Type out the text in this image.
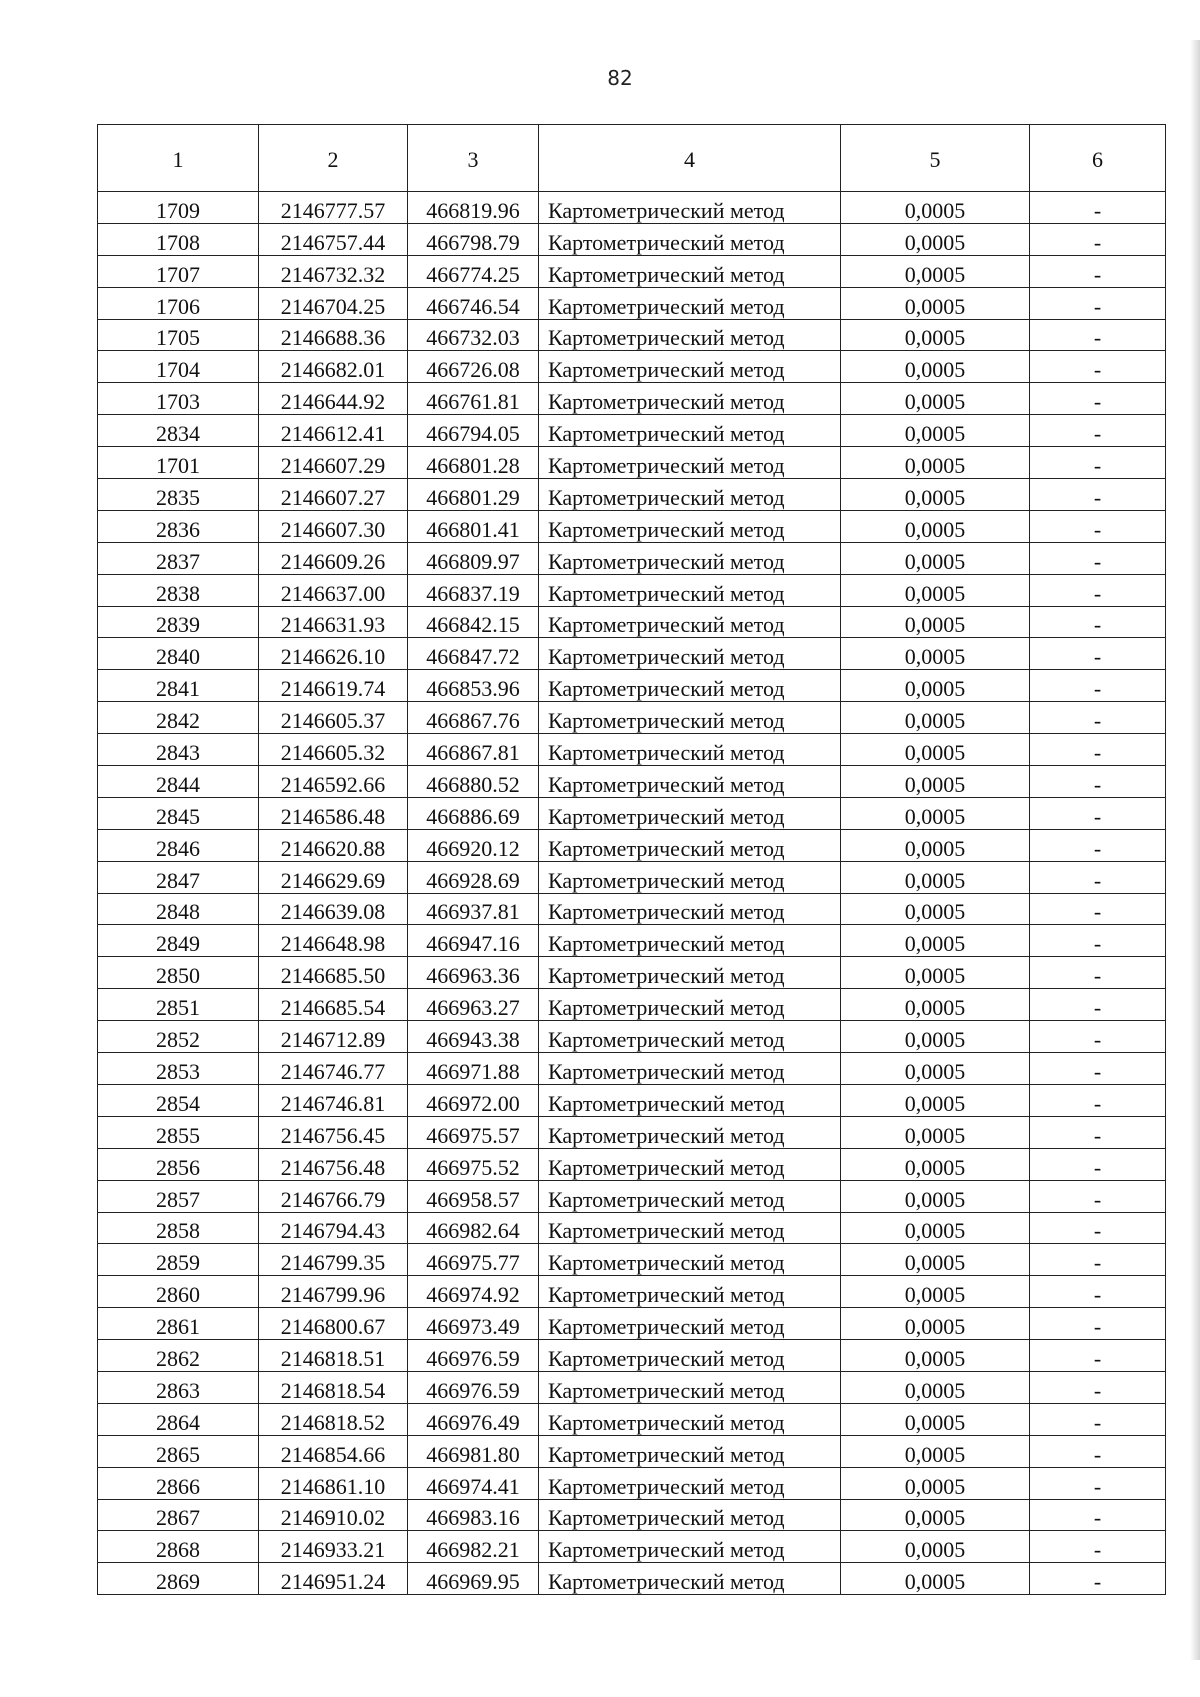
82
1	2	3	4	5	6
1709	2146777.57	466819.96	Картометрический метод	0,0005	-
1708	2146757.44	466798.79	Картометрический метод	0,0005	-
1707	2146732.32	466774.25	Картометрический метод	0,0005	-
1706	2146704.25	466746.54	Картометрический метод	0,0005	-
1705	2146688.36	466732.03	Картометрический метод	0,0005	-
1704	2146682.01	466726.08	Картометрический метод	0,0005	-
1703	2146644.92	466761.81	Картометрический метод	0,0005	-
2834	2146612.41	466794.05	Картометрический метод	0,0005	-
1701	2146607.29	466801.28	Картометрический метод	0,0005	-
2835	2146607.27	466801.29	Картометрический метод	0,0005	-
2836	2146607.30	466801.41	Картометрический метод	0,0005	-
2837	2146609.26	466809.97	Картометрический метод	0,0005	-
2838	2146637.00	466837.19	Картометрический метод	0,0005	-
2839	2146631.93	466842.15	Картометрический метод	0,0005	-
2840	2146626.10	466847.72	Картометрический метод	0,0005	-
2841	2146619.74	466853.96	Картометрический метод	0,0005	-
2842	2146605.37	466867.76	Картометрический метод	0,0005	-
2843	2146605.32	466867.81	Картометрический метод	0,0005	-
2844	2146592.66	466880.52	Картометрический метод	0,0005	-
2845	2146586.48	466886.69	Картометрический метод	0,0005	-
2846	2146620.88	466920.12	Картометрический метод	0,0005	-
2847	2146629.69	466928.69	Картометрический метод	0,0005	-
2848	2146639.08	466937.81	Картометрический метод	0,0005	-
2849	2146648.98	466947.16	Картометрический метод	0,0005	-
2850	2146685.50	466963.36	Картометрический метод	0,0005	-
2851	2146685.54	466963.27	Картометрический метод	0,0005	-
2852	2146712.89	466943.38	Картометрический метод	0,0005	-
2853	2146746.77	466971.88	Картометрический метод	0,0005	-
2854	2146746.81	466972.00	Картометрический метод	0,0005	-
2855	2146756.45	466975.57	Картометрический метод	0,0005	-
2856	2146756.48	466975.52	Картометрический метод	0,0005	-
2857	2146766.79	466958.57	Картометрический метод	0,0005	-
2858	2146794.43	466982.64	Картометрический метод	0,0005	-
2859	2146799.35	466975.77	Картометрический метод	0,0005	-
2860	2146799.96	466974.92	Картометрический метод	0,0005	-
2861	2146800.67	466973.49	Картометрический метод	0,0005	-
2862	2146818.51	466976.59	Картометрический метод	0,0005	-
2863	2146818.54	466976.59	Картометрический метод	0,0005	-
2864	2146818.52	466976.49	Картометрический метод	0,0005	-
2865	2146854.66	466981.80	Картометрический метод	0,0005	-
2866	2146861.10	466974.41	Картометрический метод	0,0005	-
2867	2146910.02	466983.16	Картометрический метод	0,0005	-
2868	2146933.21	466982.21	Картометрический метод	0,0005	-
2869	2146951.24	466969.95	Картометрический метод	0,0005	-
